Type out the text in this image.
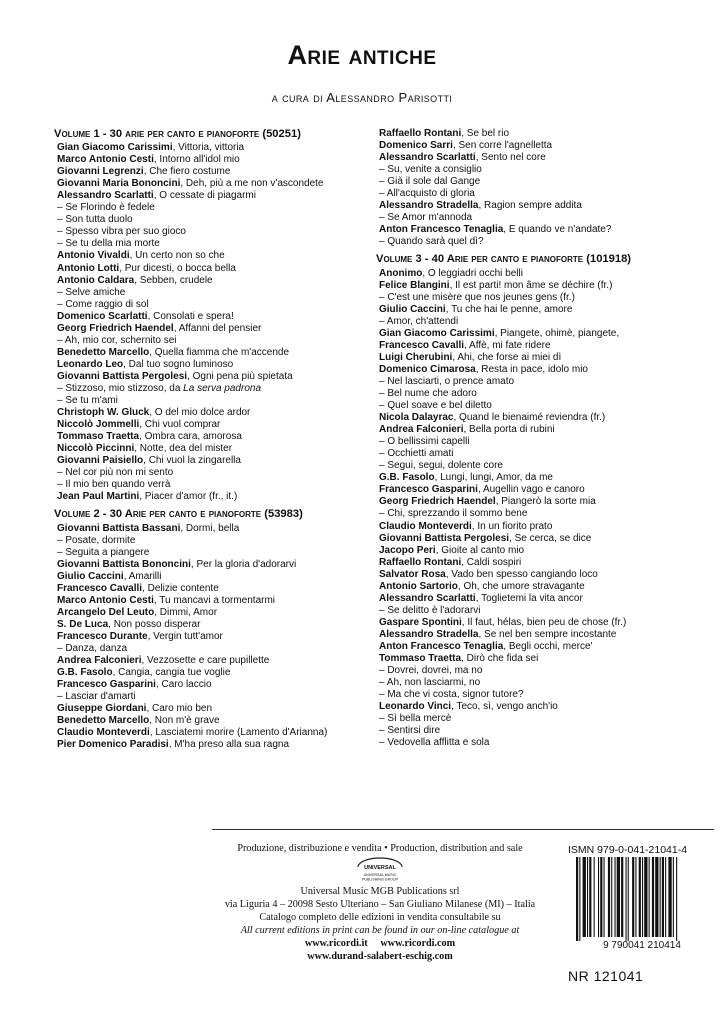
Arie antiche
a cura di Alessandro Parisotti
Volume 1 - 30 arie per canto e pianoforte (50251)
Gian Giacomo Carissimi, Vittoria, vittoria
Marco Antonio Cesti, Intorno all'idol mio
Giovanni Legrenzi, Che fiero costume
Giovanni Maria Bononcini, Deh, più a me non v'ascondete
Alessandro Scarlatti, O cessate di piagarmi
– Se Florindo è fedele
– Son tutta duolo
– Spesso vibra per suo gioco
– Se tu della mia morte
Antonio Vivaldi, Un certo non so che
Antonio Lotti, Pur dicesti, o bocca bella
Antonio Caldara, Sebben, crudele
– Selve amiche
– Come raggio di sol
Domenico Scarlatti, Consolati e spera!
Georg Friedrich Haendel, Affanni del pensier
– Ah, mio cor, schernito sei
Benedetto Marcello, Quella fiamma che m'accende
Leonardo Leo, Dal tuo sogno luminoso
Giovanni Battista Pergolesi, Ogni pena più spietata
– Stizzoso, mio stizzoso, da La serva padrona
– Se tu m'ami
Christoph W. Gluck, O del mio dolce ardor
Niccolò Jommelli, Chi vuol comprar
Tommaso Traetta, Ombra cara, amorosa
Niccolò Piccinni, Notte, dea del mister
Giovanni Paisiello, Chi vuol la zingarella
– Nel cor più non mi sento
– Il mio ben quando verrà
Jean Paul Martini, Piacer d'amor (fr., it.)
Volume 2 - 30 Arie per canto e pianoforte (53983)
Giovanni Battista Bassani, Dormi, bella
– Posate, dormite
– Seguita a piangere
Giovanni Battista Bononcini, Per la gloria d'adorarvi
Giulio Caccini, Amarilli
Francesco Cavalli, Delizie contente
Marco Antonio Cesti, Tu mancavi a tormentarmi
Arcangelo Del Leuto, Dimmi, Amor
S. De Luca, Non posso disperar
Francesco Durante, Vergin tutt'amor
– Danza, danza
Andrea Falconieri, Vezzosette e care pupillette
G.B. Fasolo, Cangia, cangia tue voglie
Francesco Gasparini, Caro laccio
– Lasciar d'amarti
Giuseppe Giordani, Caro mio ben
Benedetto Marcello, Non m'è grave
Claudio Monteverdi, Lasciatemi morire (Lamento d'Arianna)
Pier Domenico Paradisi, M'ha preso alla sua ragna
Raffaello Rontani, Se bel rio
Domenico Sarri, Sen corre l'agnelletta
Alessandro Scarlatti, Sento nel core
– Su, venite a consiglio
– Già il sole dal Gange
– All'acquisto di gloria
Alessandro Stradella, Ragion sempre addita
– Se Amor m'annoda
Anton Francesco Tenaglia, E quando ve n'andate?
– Quando sarà quel dì?
Volume 3 - 40 Arie per canto e pianoforte (101918)
Anonimo, O leggiadri occhi belli
Felice Blangini, Il est parti! mon âme se déchire (fr.)
– C'est une misère que nos jeunes gens (fr.)
Giulio Caccini, Tu che hai le penne, amore
– Amor, ch'attendi
Gian Giacomo Carissimi, Piangete, ohimè, piangete,
Francesco Cavalli, Affè, mi fate ridere
Luigi Cherubini, Ahi, che forse ai miei dì
Domenico Cimarosa, Resta in pace, idolo mio
– Nel lasciarti, o prence amato
– Bel nume che adoro
– Quel soave e bel diletto
Nicola Dalayrac, Quand le bienaimé reviendra (fr.)
Andrea Falconieri, Bella porta di rubini
– O bellissimi capelli
– Occhietti amati
– Segui, segui, dolente core
G.B. Fasolo, Lungi, lungi, Amor, da me
Francesco Gasparini, Augellin vago e canoro
Georg Friedrich Haendel, Piangerò la sorte mia
– Chi, sprezzando il sommo bene
Claudio Monteverdi, In un fiorito prato
Giovanni Battista Pergolesi, Se cerca, se dice
Jacopo Peri, Gioite al canto mio
Raffaello Rontani, Caldi sospiri
Salvator Rosa, Vado ben spesso cangiando loco
Antonio Sartorio, Oh, che umore stravagante
Alessandro Scarlatti, Toglietemi la vita ancor
– Se delitto è l'adorarvi
Gaspare Spontini, Il faut, hélas, bien peu de chose (fr.)
Alessandro Stradella, Se nel ben sempre incostante
Anton Francesco Tenaglia, Begli occhi, merce'
Tommaso Traetta, Dirò che fida sei
– Dovrei, dovrei, ma no
– Ah, non lasciarmi, no
– Ma che vi costa, signor tutore?
Leonardo Vinci, Teco, sì, vengo anch'io
– Sì bella mercè
– Sentirsi dire
– Vedovella afflitta e sola
Produzione, distribuzione e vendita • Production, distribution and sale
UNIVERSAL
UNIVERSAL MUSIC
PUBLISHING GROUP
Universal Music MGB Publications srl
via Liguria 4 – 20098 Sesto Ulteriano – San Giuliano Milanese (MI) – Italia
Catalogo completo delle edizioni in vendita consultabile su
All current editions in print can be found in our on-line catalogue at
www.ricordi.it www.ricordi.com
www.durand-salabert-eschig.com
ISMN 979-0-041-21041-4
9 790041 210414
NR 121041
